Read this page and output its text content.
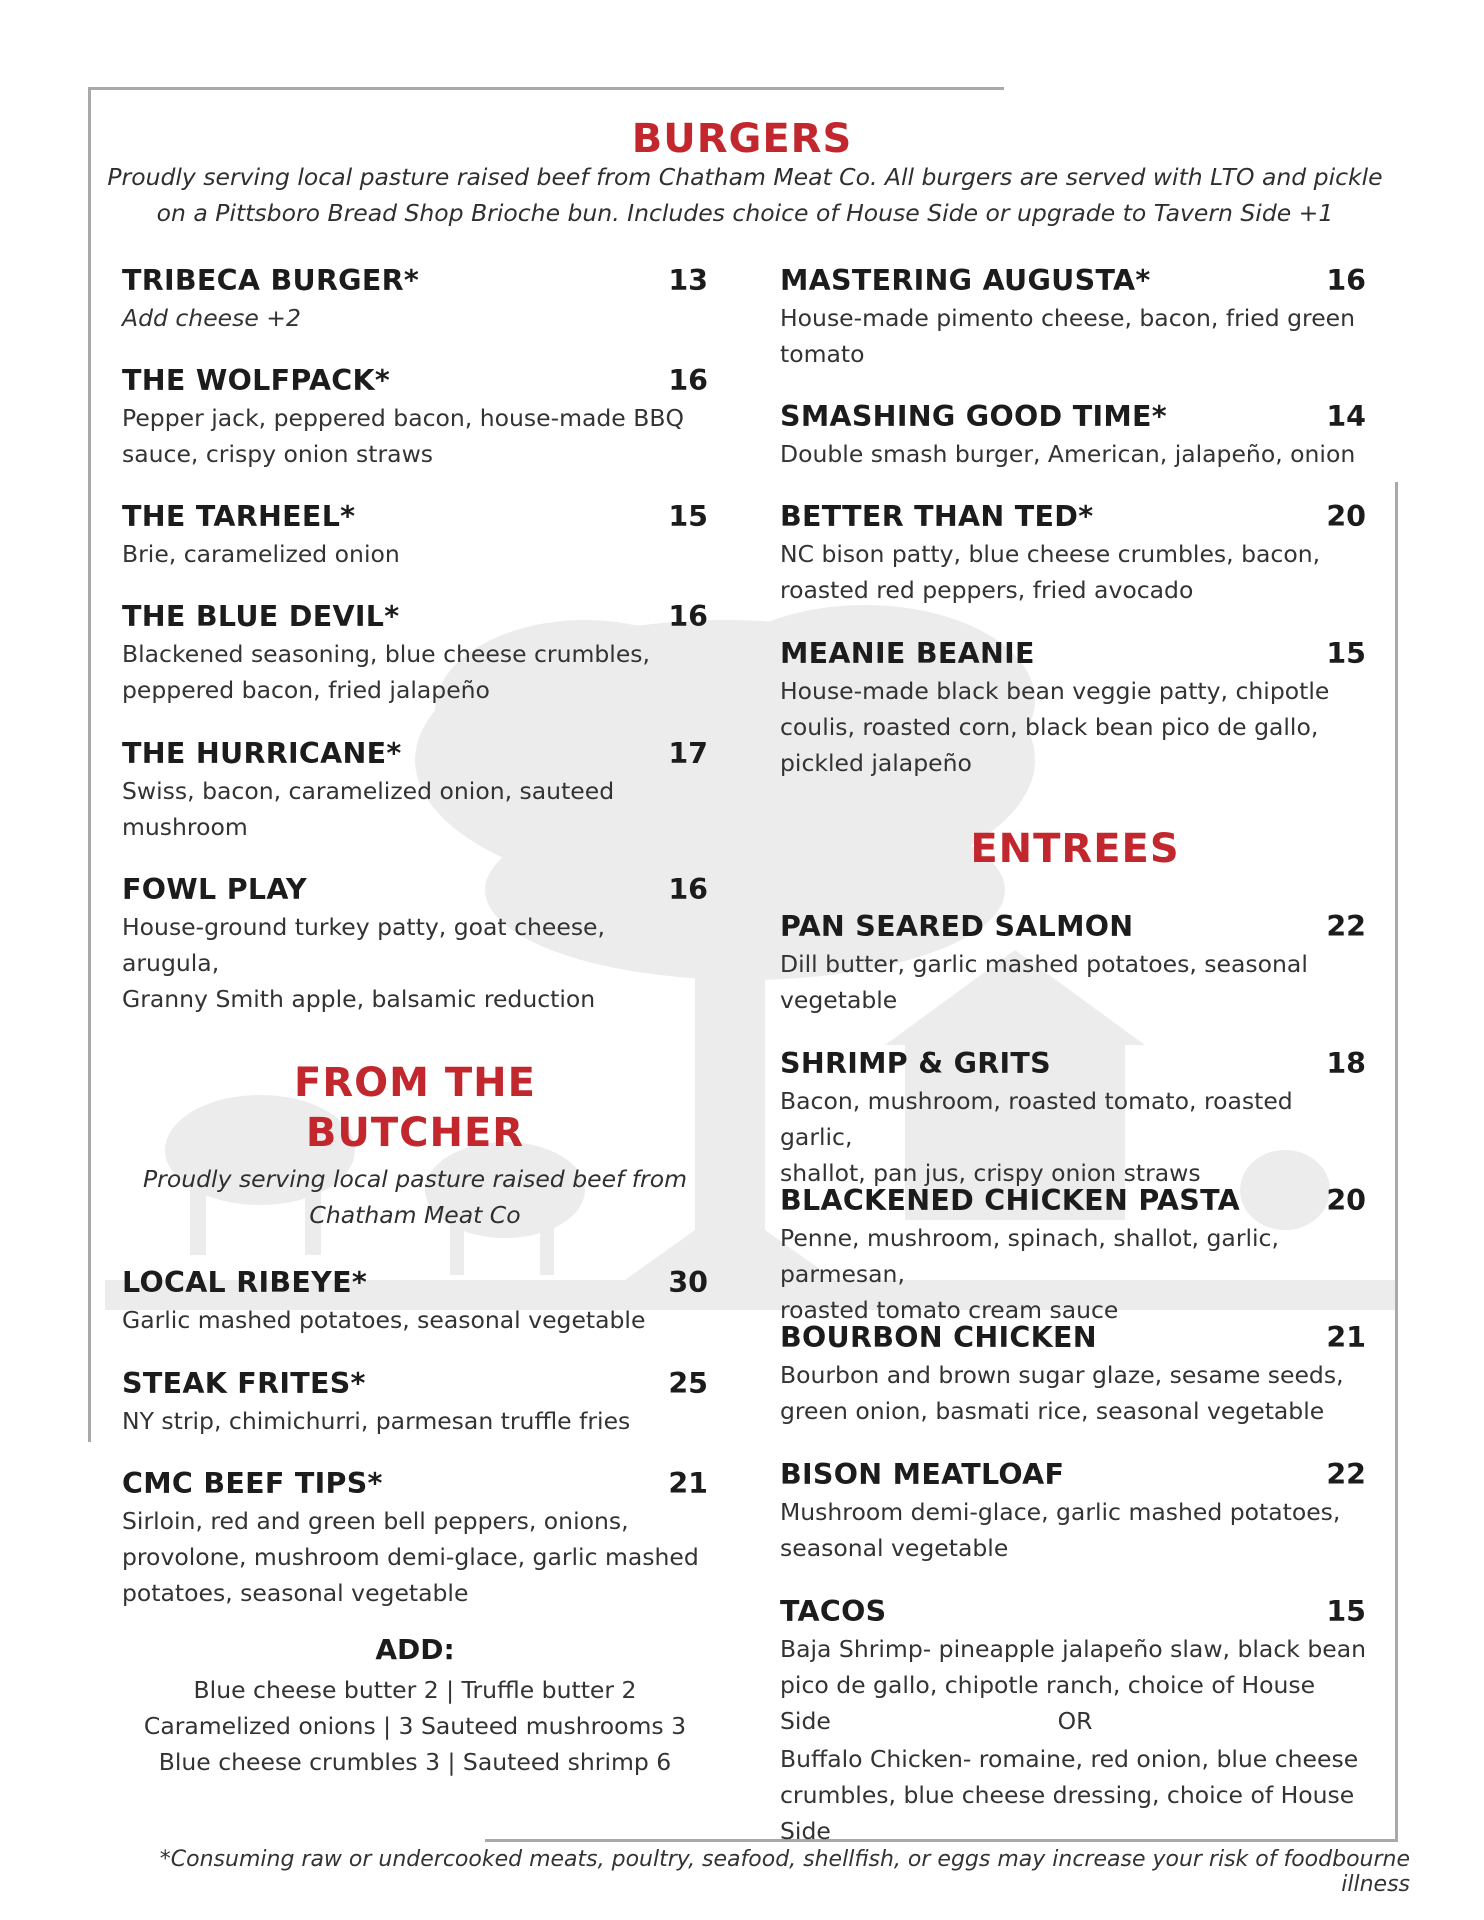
BURGERS
Proudly serving local pasture raised beef from Chatham Meat Co. All burgers are served with LTO and pickle
on a Pittsboro Bread Shop Brioche bun. Includes choice of House Side or upgrade to Tavern Side +1
TRIBECA BURGER*	13
Add cheese +2
THE WOLFPACK*	16
Pepper jack, peppered bacon, house-made BBQ
sauce, crispy onion straws
THE TARHEEL*	15
Brie, caramelized onion
THE BLUE DEVIL*	16
Blackened seasoning, blue cheese crumbles,
peppered bacon, fried jalapeño
THE HURRICANE*	17
Swiss, bacon, caramelized onion, sauteed
mushroom
FOWL PLAY	16
House-ground turkey patty, goat cheese, arugula,
Granny Smith apple, balsamic reduction
MASTERING AUGUSTA*	16
House-made pimento cheese, bacon, fried green
tomato
SMASHING GOOD TIME*	14
Double smash burger, American, jalapeño, onion
BETTER THAN TED*	20
NC bison patty, blue cheese crumbles, bacon,
roasted red peppers, fried avocado
MEANIE BEANIE	15
House-made black bean veggie patty, chipotle
coulis, roasted corn, black bean pico de gallo,
pickled jalapeño
ENTREES
PAN SEARED SALMON	22
Dill butter, garlic mashed potatoes, seasonal
vegetable
SHRIMP & GRITS	18
Bacon, mushroom, roasted tomato, roasted garlic,
shallot, pan jus, crispy onion straws
BLACKENED CHICKEN PASTA	20
Penne, mushroom, spinach, shallot, garlic, parmesan,
roasted tomato cream sauce
BOURBON CHICKEN	21
Bourbon and brown sugar glaze, sesame seeds,
green onion, basmati rice, seasonal vegetable
BISON MEATLOAF	22
Mushroom demi-glace, garlic mashed potatoes,
seasonal vegetable
TACOS	15
Baja Shrimp- pineapple jalapeño slaw, black bean
pico de gallo, chipotle ranch, choice of House Side	OR
Buffalo Chicken- romaine, red onion, blue cheese
crumbles, blue cheese dressing, choice of House Side
FROM THE
BUTCHER
Proudly serving local pasture raised beef from
Chatham Meat Co
LOCAL RIBEYE*	30
Garlic mashed potatoes, seasonal vegetable
STEAK FRITES*	25
NY strip, chimichurri, parmesan truffle fries
CMC BEEF TIPS*	21
Sirloin, red and green bell peppers, onions,
provolone, mushroom demi-glace, garlic mashed
potatoes, seasonal vegetable
ADD:
Blue cheese butter 2 | Truffle butter 2
Caramelized onions | 3 Sauteed mushrooms 3
Blue cheese crumbles 3 | Sauteed shrimp 6
*Consuming raw or undercooked meats, poultry, seafood, shellfish, or eggs may increase your risk of foodbourne illness
